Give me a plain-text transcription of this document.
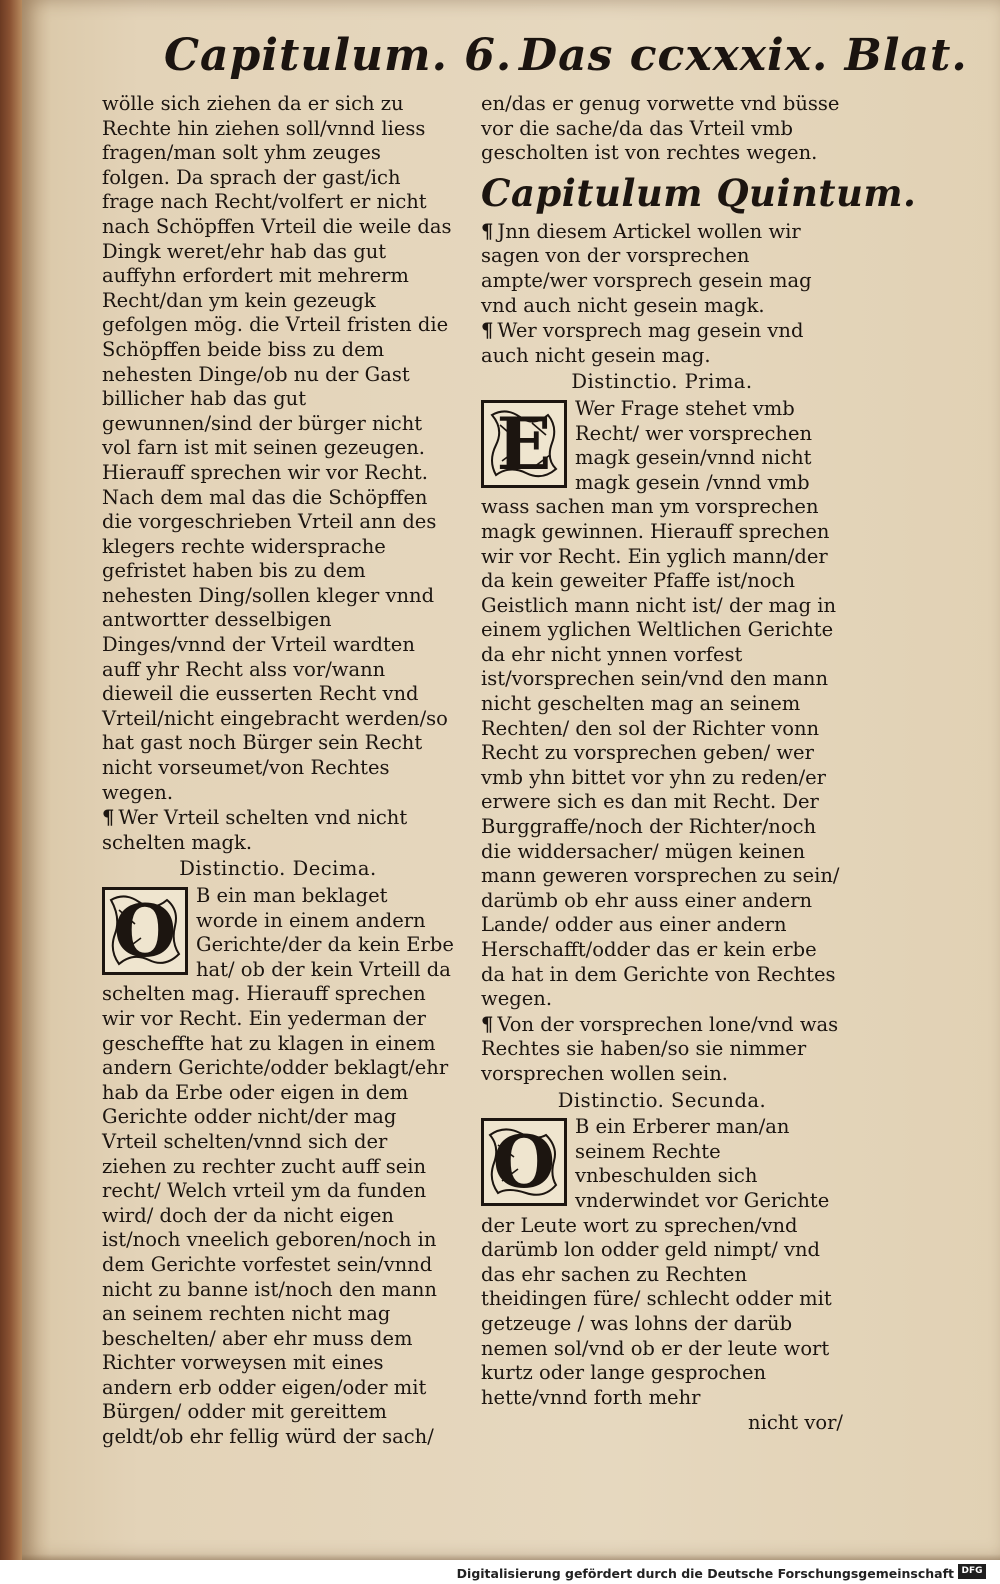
Capitulum. 6. Das ccxxxix. Blat.

wölle sich ziehen da er sich zu Rechte hin ziehen soll/vnnd liess fragen/man solt yhm zeuges folgen. Da sprach der gast/ich frage nach Recht/volfert er nicht nach Schöpffen Vrteil die weile das Dingk weret/ehr hab das gut auffyhn erfordert mit mehrerm Recht/dan ym kein gezeugk gefolgen mög. die Vrteil fristen die Schöpffen beide biss zu dem nehesten Dinge/ob nu der Gast billicher hab das gut gewunnen/sind der bürger nicht vol farn ist mit seinen gezeugen. Hierauff sprechen wir vor Recht. Nach dem mal das die Schöpffen die vorgeschrieben Vrteil ann des klegers rechte widersprache gefristet haben bis zu dem nehesten Ding/sollen kleger vnnd antwortter desselbigen Dinges/vnnd der Vrteil wardten auff yhr Recht alss vor/wann dieweil die eusserten Recht vnd Vrteil/nicht eingebracht werden/so hat gast noch Bürger sein Recht nicht vorseumet/von Rechtes wegen.

¶ Wer Vrteil schelten vnd nicht schelten magk.

Distinctio. Decima.
O	B ein man beklaget worde in einem andern Gerichte/der da kein Erbe hat/ ob der kein Vrteill da schelten mag. Hierauff sprechen wir vor Recht. Ein yederman der gescheffte hat zu klagen in einem andern Gerichte/odder beklagt/ehr hab da Erbe oder eigen in dem Gerichte odder nicht/der mag Vrteil schelten/vnnd sich der ziehen zu rechter zucht auff sein recht/ Welch vrteil ym da funden wird/ doch der da nicht eigen ist/noch vneelich geboren/noch in dem Gerichte vorfestet sein/vnnd nicht zu banne ist/noch den mann an seinem rechten nicht mag beschelten/ aber ehr muss dem Richter vorweysen mit eines andern erb odder eigen/oder mit Bürgen/ odder mit gereittem geldt/ob ehr fellig würd der sach/

en/das er genug vorwette vnd büsse vor die sache/da das Vrteil vmb gescholten ist von rechtes wegen.

Capitulum Quintum.

¶ Jnn diesem Artickel wollen wir sagen von der vorsprechen ampte/wer vorsprech gesein mag vnd auch nicht gesein magk.

¶ Wer vorsprech mag gesein vnd auch nicht gesein mag.

Distinctio. Prima.
E	Wer Frage stehet vmb Recht/ wer vorsprechen magk gesein/vnnd nicht magk gesein /vnnd vmb wass sachen man ym vorsprechen magk gewinnen. Hierauff sprechen wir vor Recht. Ein yglich mann/der da kein geweiter Pfaffe ist/noch Geistlich mann nicht ist/ der mag in einem yglichen Weltlichen Gerichte da ehr nicht ynnen vorfest ist/vorsprechen sein/vnd den mann nicht geschelten mag an seinem Rechten/ den sol der Richter vonn Recht zu vorsprechen geben/ wer vmb yhn bittet vor yhn zu reden/er erwere sich es dan mit Recht. Der Burggraffe/noch der Richter/noch die widdersacher/ mügen keinen mann geweren vorsprechen zu sein/ darümb ob ehr auss einer andern Lande/ odder aus einer andern Herschafft/odder das er kein erbe da hat in dem Gerichte von Rechtes wegen.

¶ Von der vorsprechen lone/vnd was Rechtes sie haben/so sie nimmer vorsprechen wollen sein.

Distinctio. Secunda.
O	B ein Erberer man/an seinem Rechte vnbeschulden sich vnderwindet vor Gerichte der Leute wort zu sprechen/vnd darümb lon odder geld nimpt/ vnd das ehr sachen zu Rechten theidingen füre/ schlecht odder mit getzeuge / was lohns der darüb nemen sol/vnd ob er der leute wort kurtz oder lange gesprochen hette/vnnd forth mehr

nicht vor/

Digitalisierung gefördert durch die Deutsche Forschungsgemeinschaft DFG
